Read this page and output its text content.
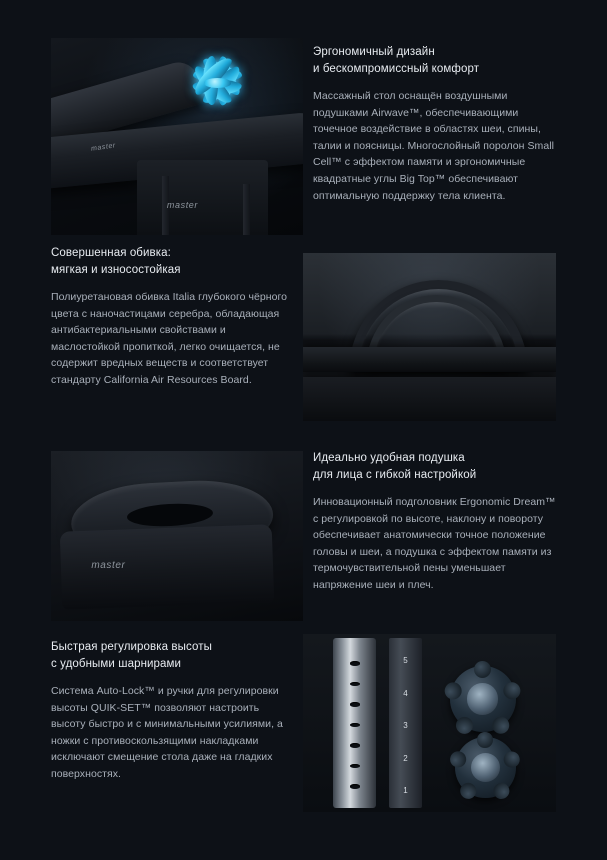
master
master
Эргономичный дизайн
и бескомпромиссный комфорт

Массажный стол оснащён воздушными подушками Airwave™, обеспечивающими точечное воздействие в областях шеи, спины, талии и поясницы. Многослойный поролон Small Cell™ с эффектом памяти и эргономичные квадратные углы Big Top™ обеспечивают оптимальную поддержку тела клиента.

Совершенная обивка:
мягкая и износостойкая

Полиуретановая обивка Italia глубокого чёрного цвета с наночастицами серебра, обладающая антибактериальными свойствами и маслостойкой пропиткой, легко очищается, не содержит вредных веществ и соответствует стандарту California Air Resources Board.

master
Идеально удобная подушка
для лица с гибкой настройкой

Инновационный подголовник Ergonomic Dream™ с регулировкой по высоте, наклону и повороту обеспечивает анатомически точное положение головы и шеи, а подушка с эффектом памяти из термочувствительной пены уменьшает напряжение шеи и плеч.

Быстрая регулировка высоты
с удобными шарнирами

Система Auto-Lock™ и ручки для регулировки высоты QUIK-SET™ позволяют настроить высоту быстро и с минимальными усилиями, а ножки с противоскользящими накладками исключают смещение стола даже на гладких поверхностях.

5
4
3
2
1
